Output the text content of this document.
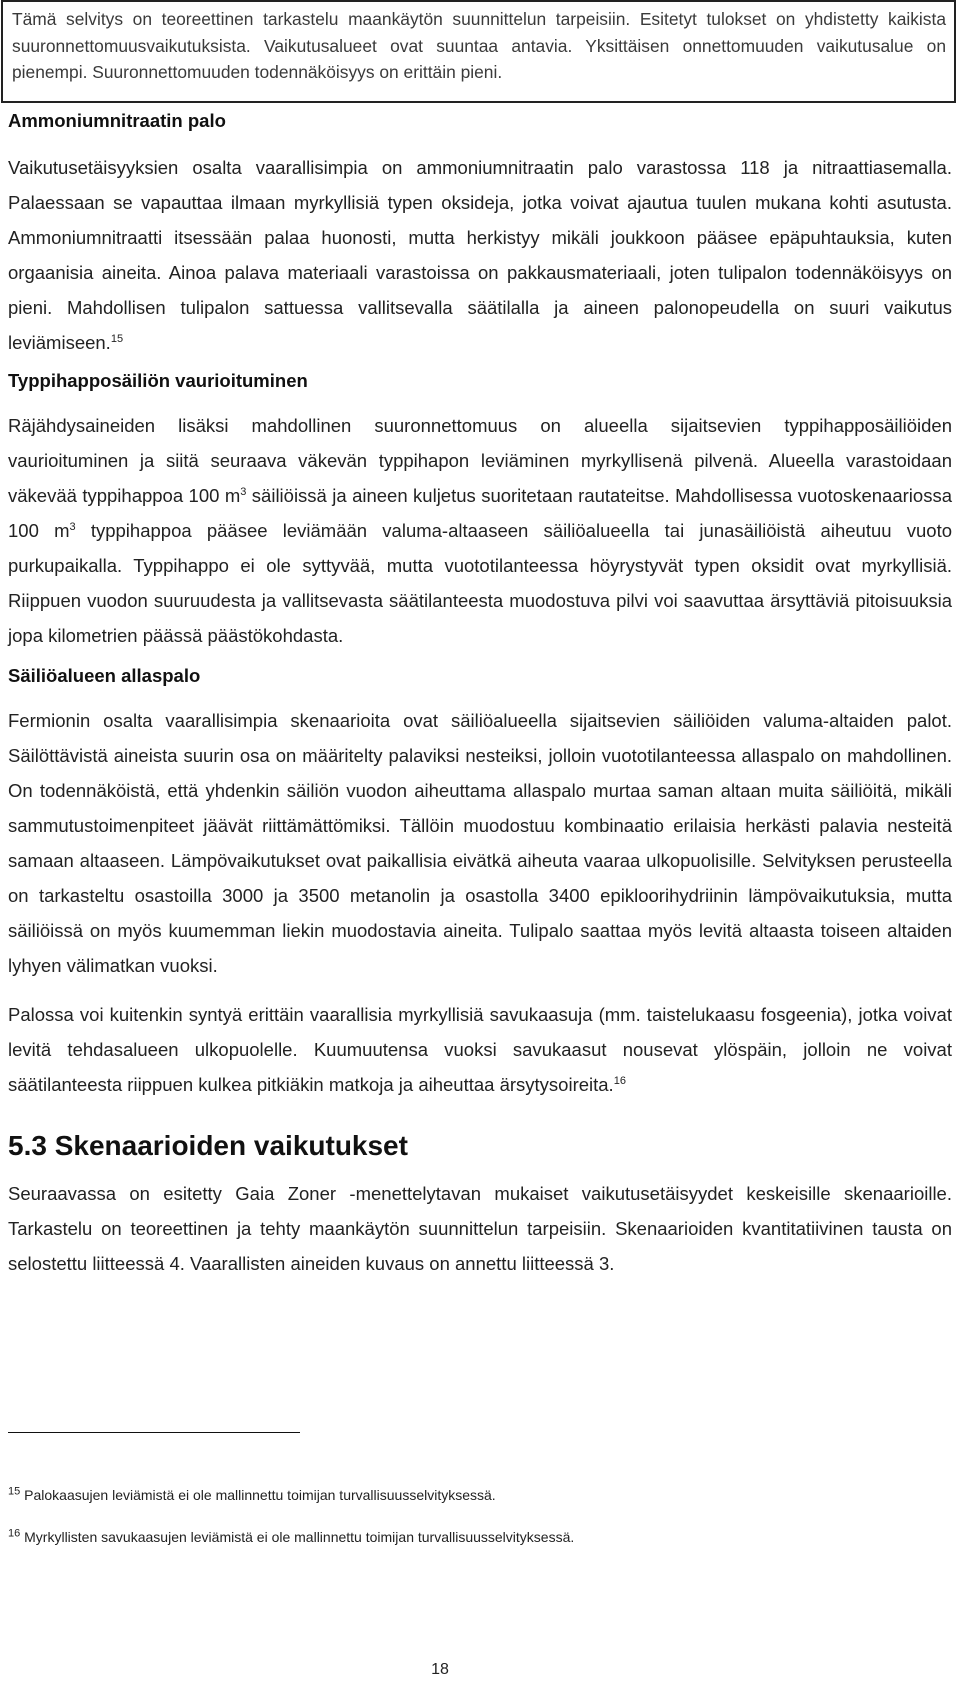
Tämä selvitys on teoreettinen tarkastelu maankäytön suunnittelun tarpeisiin. Esitetyt tulokset on yhdistetty kaikista suuronnettomuusvaikutuksista. Vaikutusalueet ovat suuntaa antavia. Yksittäisen onnettomuuden vaikutusalue on pienempi. Suuronnettomuuden todennäköisyys on erittäin pieni.

Ammoniumnitraatin palo

Vaikutusetäisyyksien osalta vaarallisimpia on ammoniumnitraatin palo varastossa 118 ja nitraattiasemalla. Palaessaan se vapauttaa ilmaan myrkyllisiä typen oksideja, jotka voivat ajautua tuulen mukana kohti asutusta. Ammoniumnitraatti itsessään palaa huonosti, mutta herkistyy mikäli joukkoon pääsee epäpuhtauksia, kuten orgaanisia aineita. Ainoa palava materiaali varastoissa on pakkausmateriaali, joten tulipalon todennäköisyys on pieni. Mahdollisen tulipalon sattuessa vallitsevalla säätilalla ja aineen palonopeudella on suuri vaikutus leviämiseen.$^{15}$

Typpihapposäiliön vaurioituminen

Räjähdysaineiden lisäksi mahdollinen suuronnettomuus on alueella sijaitsevien typpihapposäiliöiden vaurioituminen ja siitä seuraava väkevän typpihapon leviäminen myrkyllisenä pilvenä. Alueella varastoidaan väkevää typpihappoa 100 $m^3$ säiliöissä ja aineen kuljetus suoritetaan rautateitse. Mahdollisessa vuotoskenaariossa 100 $m^3$ typpihappoa pääsee leviämään valuma-altaaseen säiliöalueella tai junasäiliöistä aiheutuu vuoto purkupaikalla. Typpihappo ei ole syttyvää, mutta vuototilanteessa höyrystyvät typen oksidit ovat myrkyllisiä. Riippuen vuodon suuruudesta ja vallitsevasta säätilanteesta muodostuva pilvi voi saavuttaa ärsyttäviä pitoisuuksia jopa kilometrien päässä päästökohdasta.

Säiliöalueen allaspalo

Fermionin osalta vaarallisimpia skenaarioita ovat säiliöalueella sijaitsevien säiliöiden valuma-altaiden palot. Säilöttävistä aineista suurin osa on määritelty palaviksi nesteiksi, jolloin vuototilanteessa allaspalo on mahdollinen. On todennäköistä, että yhdenkin säiliön vuodon aiheuttama allaspalo murtaa saman altaan muita säiliöitä, mikäli sammutustoimenpiteet jäävät riittämättömiksi. Tällöin muodostuu kombinaatio erilaisia herkästi palavia nesteitä samaan altaaseen. Lämpövaikutukset ovat paikallisia eivätkä aiheuta vaaraa ulkopuolisille. Selvityksen perusteella on tarkasteltu osastoilla 3000 ja 3500 metanolin ja osastolla 3400 epikloorihydriinin lämpövaikutuksia, mutta säiliöissä on myös kuumemman liekin muodostavia aineita. Tulipalo saattaa myös levitä altaasta toiseen altaiden lyhyen välimatkan vuoksi.

Palossa voi kuitenkin syntyä erittäin vaarallisia myrkyllisiä savukaasuja (mm. taistelukaasu fosgeenia), jotka voivat levitä tehdasalueen ulkopuolelle. Kuumuutensa vuoksi savukaasut nousevat ylöspäin, jolloin ne voivat säätilanteesta riippuen kulkea pitkiäkin matkoja ja aiheuttaa ärsytysoireita.$^{16}$

5.3 Skenaarioiden vaikutukset

Seuraavassa on esitetty Gaia Zoner -menettelytavan mukaiset vaikutusetäisyydet keskeisille skenaarioille. Tarkastelu on teoreettinen ja tehty maankäytön suunnittelun tarpeisiin. Skenaarioiden kvantitatiivinen tausta on selostettu liitteessä 4. Vaarallisten aineiden kuvaus on annettu liitteessä 3.

$^{15}$ Palokaasujen leviämistä ei ole mallinnettu toimijan turvallisuusselvityksessä.
$^{16}$ Myrkyllisten savukaasujen leviämistä ei ole mallinnettu toimijan turvallisuusselvityksessä.
18
